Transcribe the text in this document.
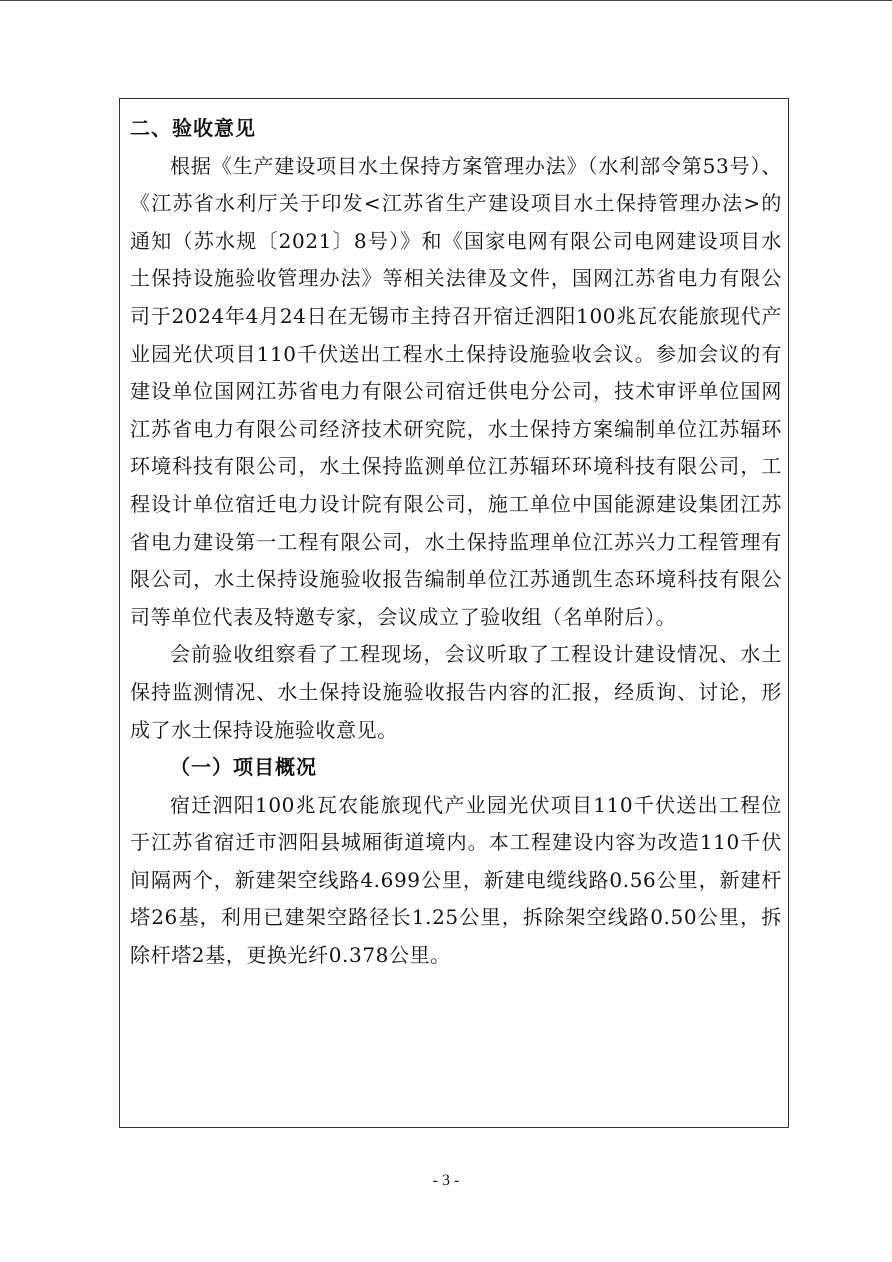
二、验收意见

根据《生产建设项目水土保持方案管理办法》（水利部令第53号）、《江苏省水利厅关于印发<江苏省生产建设项目水土保持管理办法>的通知（苏水规〔2021〕8号）》和《国家电网有限公司电网建设项目水土保持设施验收管理办法》等相关法律及文件，国网江苏省电力有限公司于2024年4月24日在无锡市主持召开宿迁泗阳100兆瓦农能旅现代产业园光伏项目110千伏送出工程水土保持设施验收会议。参加会议的有建设单位国网江苏省电力有限公司宿迁供电分公司，技术审评单位国网江苏省电力有限公司经济技术研究院，水土保持方案编制单位江苏辐环环境科技有限公司，水土保持监测单位江苏辐环环境科技有限公司，工程设计单位宿迁电力设计院有限公司，施工单位中国能源建设集团江苏省电力建设第一工程有限公司，水土保持监理单位江苏兴力工程管理有限公司，水土保持设施验收报告编制单位江苏通凯生态环境科技有限公司等单位代表及特邀专家，会议成立了验收组（名单附后）。

会前验收组察看了工程现场，会议听取了工程设计建设情况、水土保持监测情况、水土保持设施验收报告内容的汇报，经质询、讨论，形成了水土保持设施验收意见。

（一）项目概况

宿迁泗阳100兆瓦农能旅现代产业园光伏项目110千伏送出工程位于江苏省宿迁市泗阳县城厢街道境内。本工程建设内容为改造110千伏间隔两个，新建架空线路4.699公里，新建电缆线路0.56公里，新建杆塔26基，利用已建架空路径长1.25公里，拆除架空线路0.50公里，拆除杆塔2基，更换光纤0.378公里。

- 3 -
